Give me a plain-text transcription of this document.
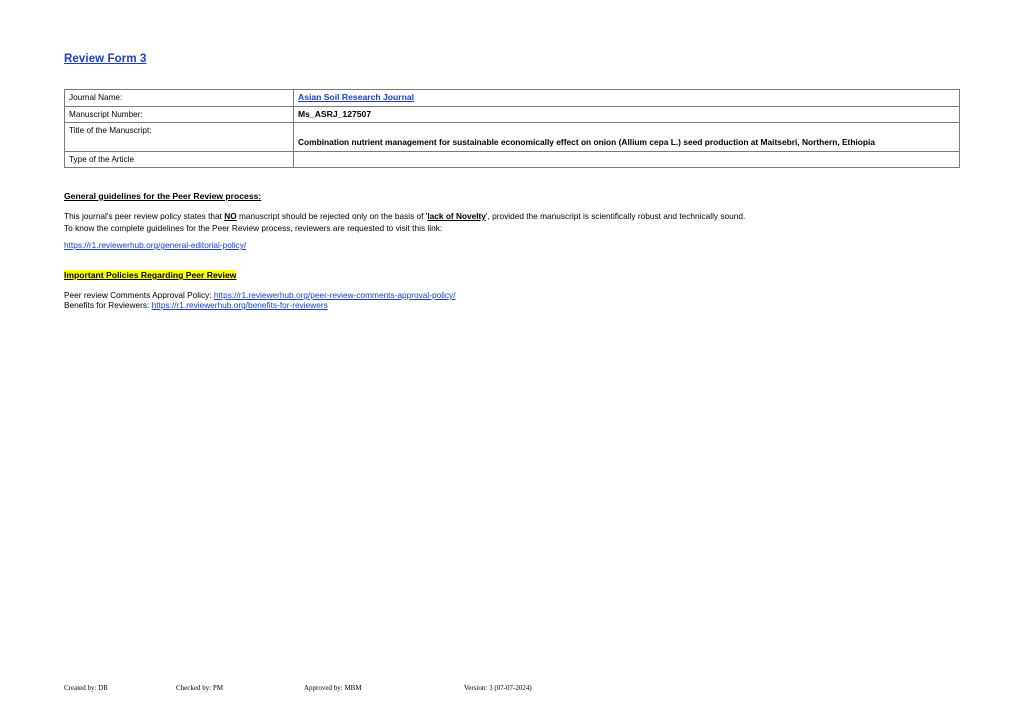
Review Form 3
Journal Name:	Asian Soil Research Journal
Manuscript Number:	Ms_ASRJ_127507
Title of the Manuscript:	Combination nutrient management for sustainable economically effect on onion (Allium cepa L.) seed production at Maitsebri, Northern, Ethiopia

Type of the Article	
General guidelines for the Peer Review process:
This journal's peer review policy states that NO manuscript should be rejected only on the basis of 'lack of Novelty', provided the manuscript is scientifically robust and technically sound.
To know the complete guidelines for the Peer Review process, reviewers are requested to visit this link:
https://r1.reviewerhub.org/general-editorial-policy/
Important Policies Regarding Peer Review
Peer review Comments Approval Policy: https://r1.reviewerhub.org/peer-review-comments-approval-policy/
Benefits for Reviewers: https://r1.reviewerhub.org/benefits-for-reviewers
Created by: DR	Checked by: PM	Approved by: MBM	Version: 3 (07-07-2024)
